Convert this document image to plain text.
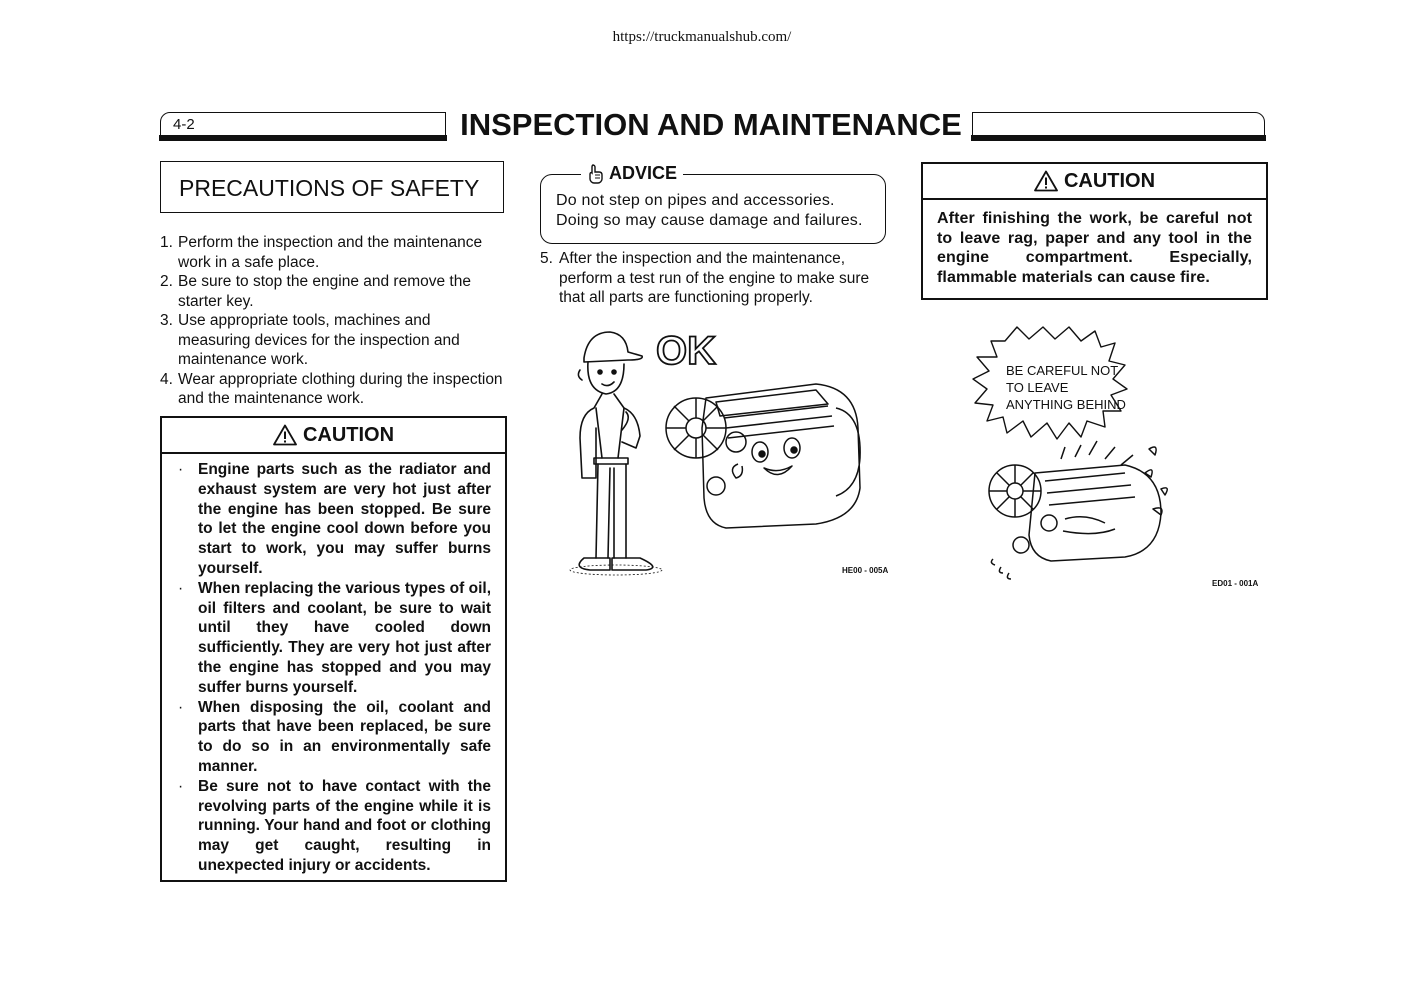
https://truckmanualshub.com/
4-2	INSPECTION AND MAINTENANCE
PRECAUTIONS OF SAFETY
1. Perform the inspection and the maintenance work in a safe place.
2. Be sure to stop the engine and remove the starter key.
3. Use appropriate tools, machines and measuring devices for the inspection and maintenance work.
4. Wear appropriate clothing during the inspection and the maintenance work.
CAUTION
· Engine parts such as the radiator and exhaust system are very hot just after the engine has been stopped. Be sure to let the engine cool down before you start to work, you may suffer burns yourself.
· When replacing the various types of oil, oil filters and coolant, be sure to wait until they have cooled down sufficiently. They are very hot just after the engine has stopped and you may suffer burns yourself.
· When disposing the oil, coolant and parts that have been replaced, be sure to do so in an environmentally safe manner.
· Be sure not to have contact with the revolving parts of the engine while it is running. Your hand and foot or clothing may get caught, resulting in unexpected injury or accidents.
ADVICE
Do not step on pipes and accessories.
Doing so may cause damage and failures.
5. After the inspection and the maintenance, perform a test run of the engine to make sure that all parts are functioning properly.
OK
HE00 - 005A
CAUTION
After finishing the work, be careful not to leave rag, paper and any tool in the engine compartment. Especially, flammable materials can cause fire.
BE CAREFUL NOT
TO LEAVE
ANYTHING BEHIND
ED01 - 001A
